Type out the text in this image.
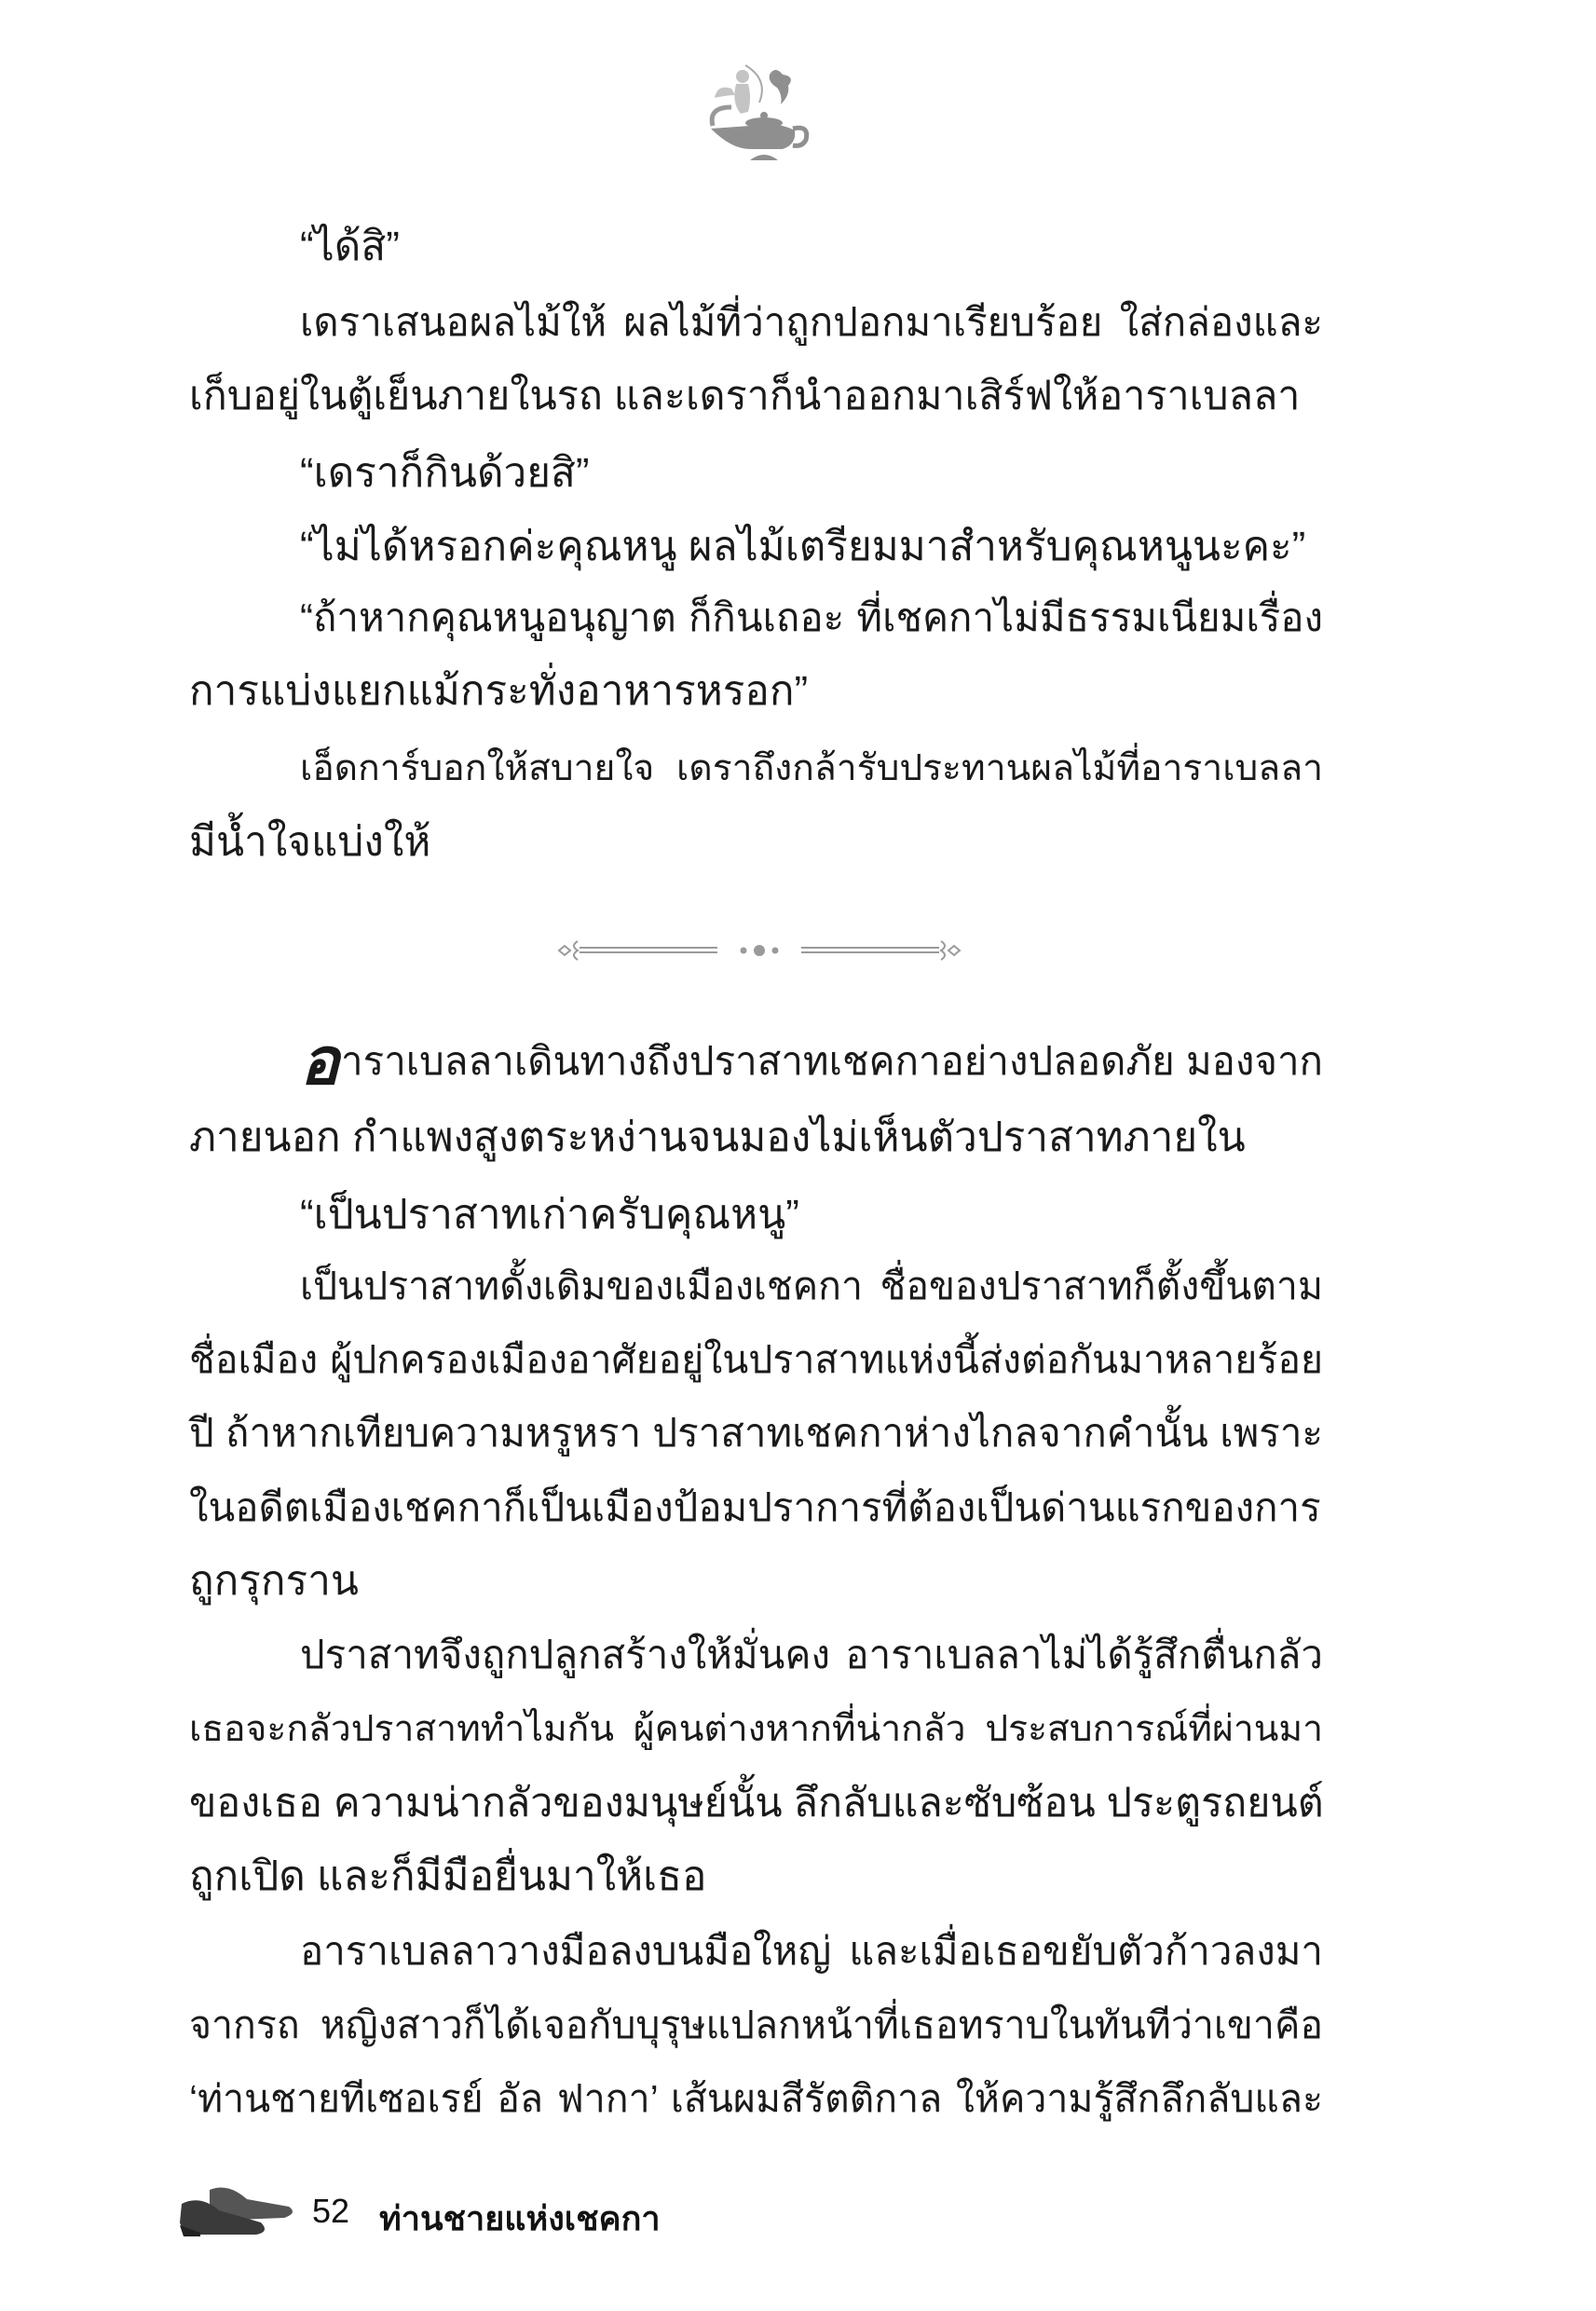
“ได้สิ”
เดราเสนอผลไม้ให้ ผลไม้ที่ว่าถูกปอกมาเรียบร้อย ใส่กล่องและ
เก็บอยู่ในตู้เย็นภายในรถ และเดราก็นำออกมาเสิร์ฟให้อาราเบลลา
“เดราก็กินด้วยสิ”
“ไม่ได้หรอกค่ะคุณหนู ผลไม้เตรียมมาสำหรับคุณหนูนะคะ”
“ถ้าหากคุณหนูอนุญาต ก็กินเถอะ ที่เชคกาไม่มีธรรมเนียมเรื่อง
การแบ่งแยกแม้กระทั่งอาหารหรอก”
เอ็ดการ์บอกให้สบายใจ เดราถึงกล้ารับประทานผลไม้ที่อาราเบลลา
มีน้ำใจแบ่งให้
อาราเบลลาเดินทางถึงปราสาทเชคกาอย่างปลอดภัย มองจาก
ภายนอก กำแพงสูงตระหง่านจนมองไม่เห็นตัวปราสาทภายใน
“เป็นปราสาทเก่าครับคุณหนู”
เป็นปราสาทดั้งเดิมของเมืองเชคกา ชื่อของปราสาทก็ตั้งขึ้นตาม
ชื่อเมือง ผู้ปกครองเมืองอาศัยอยู่ในปราสาทแห่งนี้ส่งต่อกันมาหลายร้อย
ปี ถ้าหากเทียบความหรูหรา ปราสาทเชคกาห่างไกลจากคำนั้น เพราะ
ในอดีตเมืองเชคกาก็เป็นเมืองป้อมปราการที่ต้องเป็นด่านแรกของการ
ถูกรุกราน
ปราสาทจึงถูกปลูกสร้างให้มั่นคง อาราเบลลาไม่ได้รู้สึกตื่นกลัว
เธอจะกลัวปราสาททำไมกัน ผู้คนต่างหากที่น่ากลัว ประสบการณ์ที่ผ่านมา
ของเธอ ความน่ากลัวของมนุษย์นั้น ลึกลับและซับซ้อน ประตูรถยนต์
ถูกเปิด และก็มีมือยื่นมาให้เธอ
อาราเบลลาวางมือลงบนมือใหญ่ และเมื่อเธอขยับตัวก้าวลงมา
จากรถ หญิงสาวก็ได้เจอกับบุรุษแปลกหน้าที่เธอทราบในทันทีว่าเขาคือ
‘ท่านชายทีเซอเรย์ อัล ฟากา’ เส้นผมสีรัตติกาล ให้ความรู้สึกลึกลับและ
52 ท่านชายแห่งเชคกา
